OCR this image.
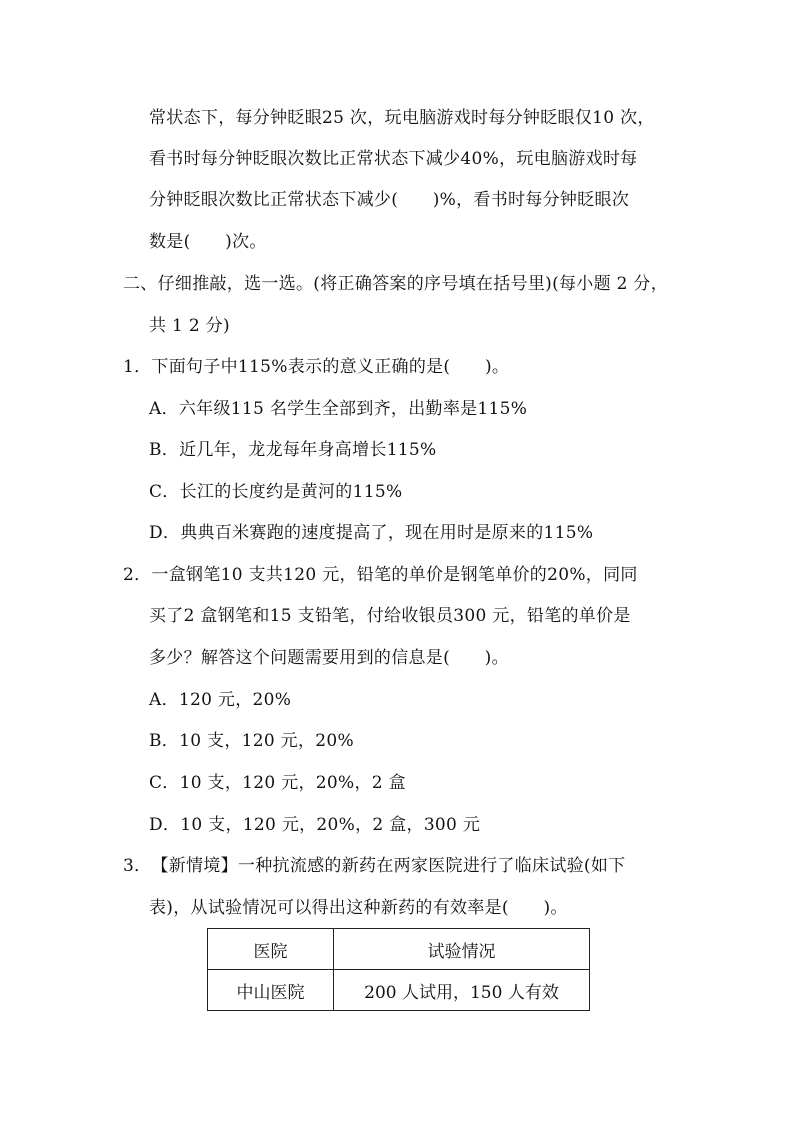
常状态下，每分钟眨眼25 次，玩电脑游戏时每分钟眨眼仅10 次，
看书时每分钟眨眼次数比正常状态下减少40%，玩电脑游戏时每
分钟眨眼次数比正常状态下减少(　　)%，看书时每分钟眨眼次
数是(　　)次。
二、仔细推敲，选一选。(将正确答案的序号填在括号里)(每小题 2 分，
共 1 2 分)
1．下面句子中115%表示的意义正确的是(　　)。
A．六年级115 名学生全部到齐，出勤率是115%
B．近几年，龙龙每年身高增长115%
C．长江的长度约是黄河的115%
D．典典百米赛跑的速度提高了，现在用时是原来的115%
2．一盒钢笔10 支共120 元，铅笔的单价是钢笔单价的20%，同同
买了2 盒钢笔和15 支铅笔，付给收银员300 元，铅笔的单价是
多少？解答这个问题需要用到的信息是(　　)。
A．120 元，20%
B．10 支，120 元，20%
C．10 支，120 元，20%，2 盒
D．10 支，120 元，20%，2 盒，300 元
3．【新情境】一种抗流感的新药在两家医院进行了临床试验(如下
表)，从试验情况可以得出这种新药的有效率是(　　)。
医院	试验情况
中山医院	200 人试用，150 人有效
